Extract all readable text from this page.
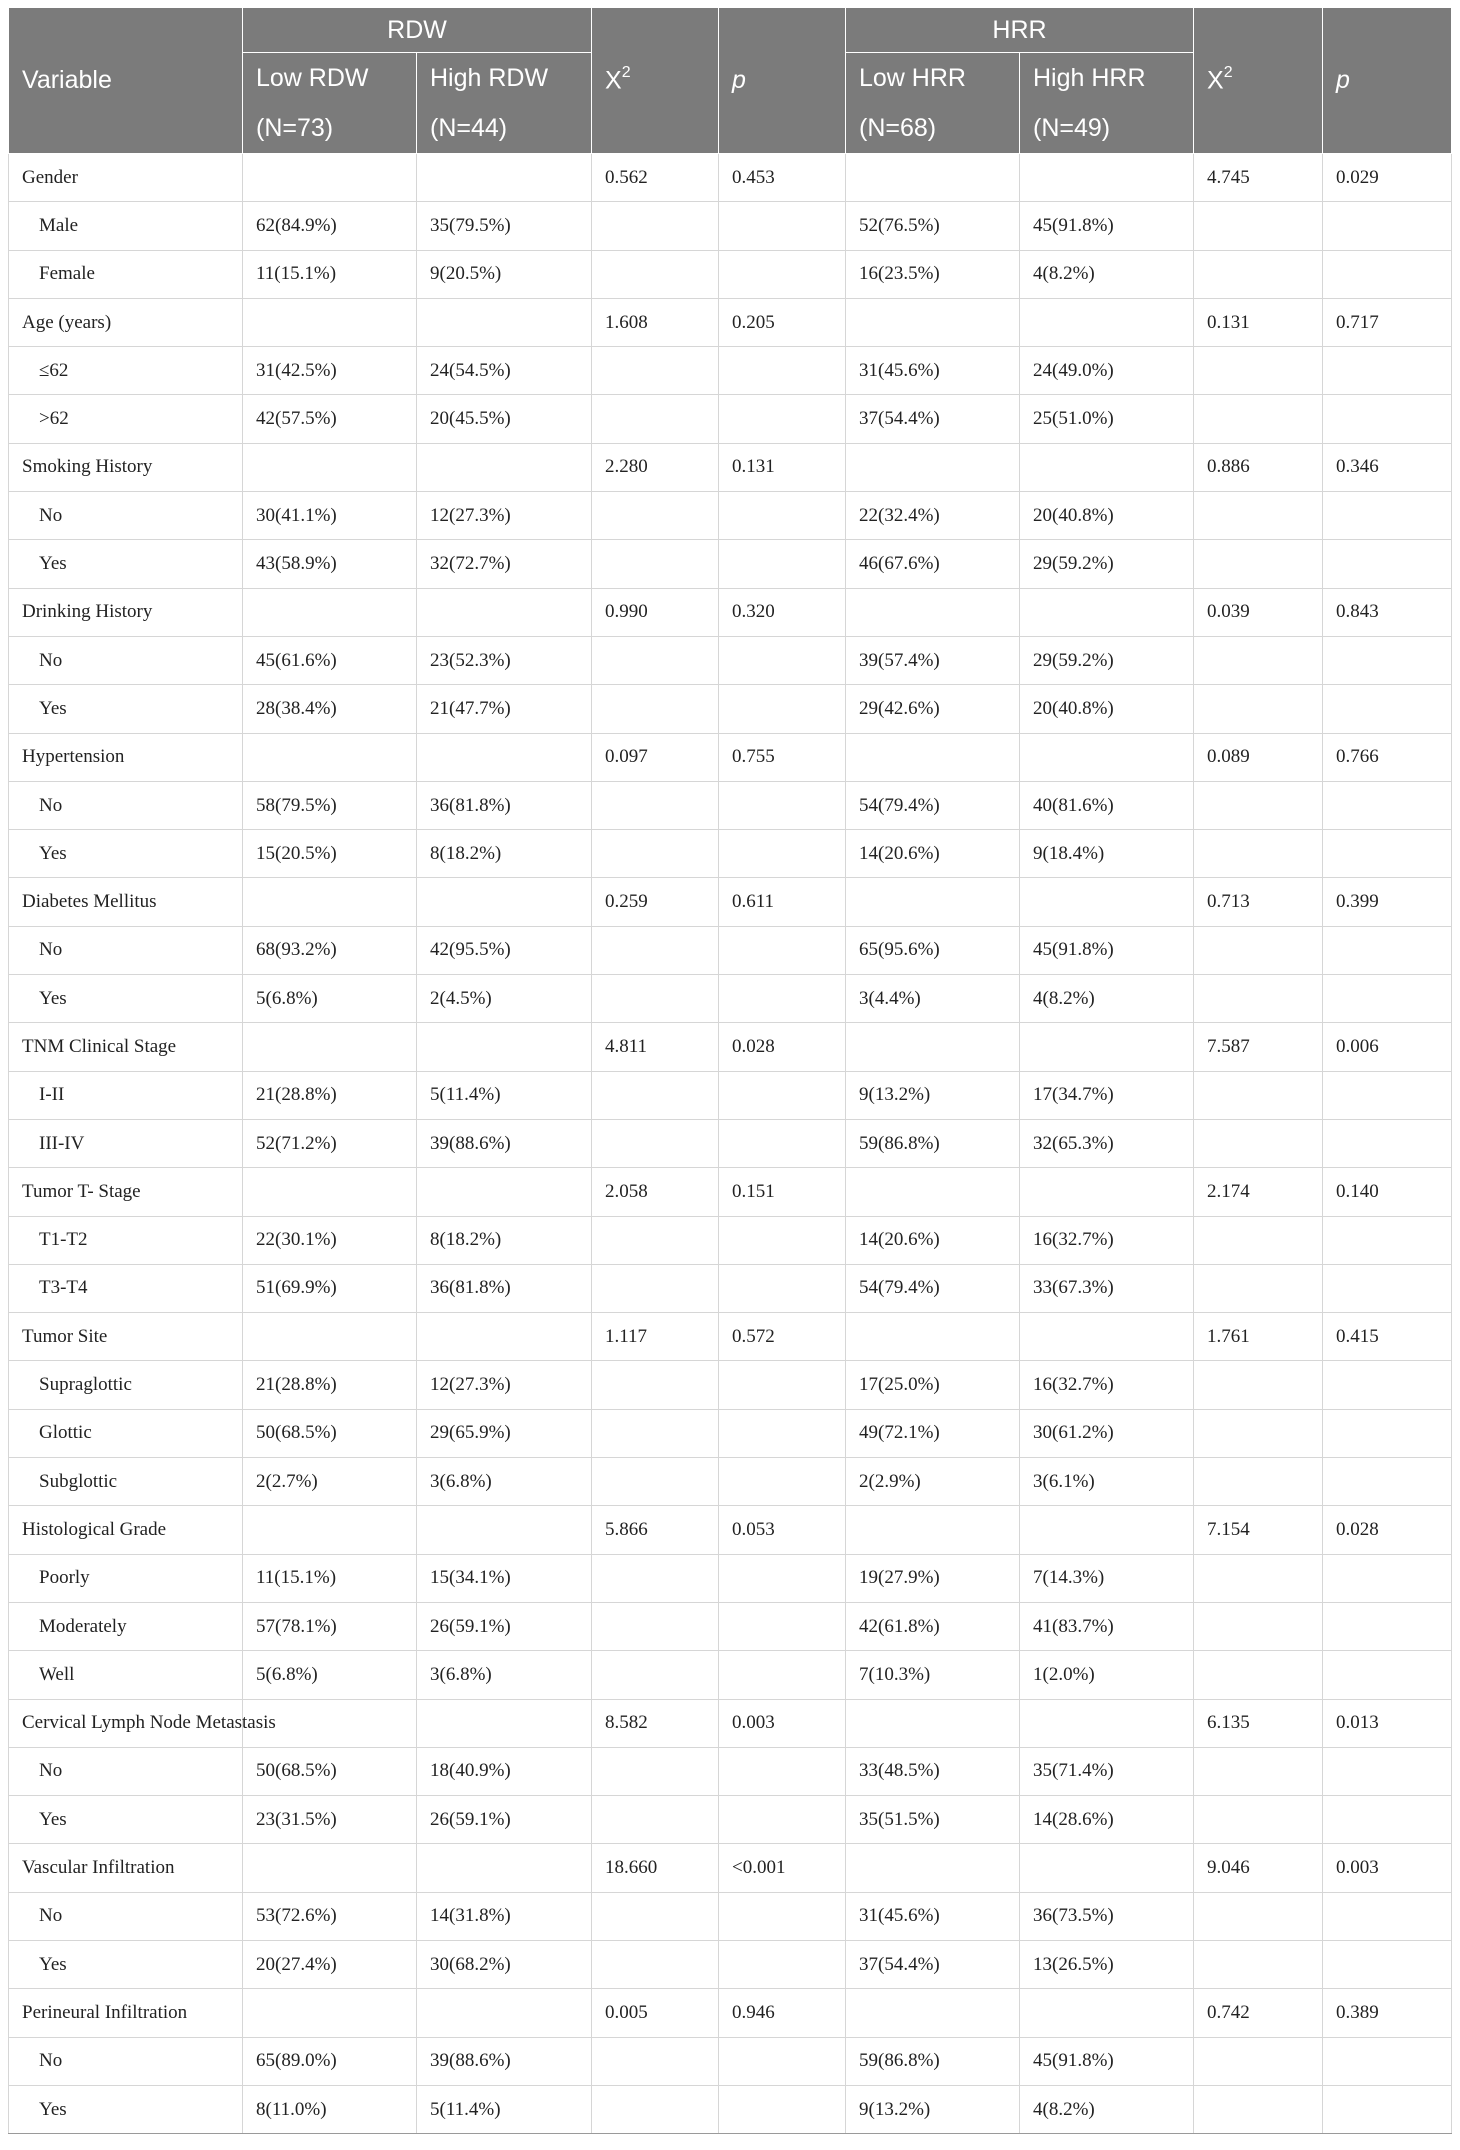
Variable	RDW		$X^2$	p	HRR		$X^2$	p
	Low RDW	High RDW			Low HRR	High HRR		
	(N=73)	(N=44)			(N=68)	(N=49)		
Gender			0.562	0.453			4.745	0.029
Male	62(84.9%)	35(79.5%)			52(76.5%)	45(91.8%)		
Female	11(15.1%)	9(20.5%)			16(23.5%)	4(8.2%)		
Age (years)			1.608	0.205			0.131	0.717
≤62	31(42.5%)	24(54.5%)			31(45.6%)	24(49.0%)		
>62	42(57.5%)	20(45.5%)			37(54.4%)	25(51.0%)		
Smoking History			2.280	0.131			0.886	0.346
No	30(41.1%)	12(27.3%)			22(32.4%)	20(40.8%)		
Yes	43(58.9%)	32(72.7%)			46(67.6%)	29(59.2%)		
Drinking History			0.990	0.320			0.039	0.843
No	45(61.6%)	23(52.3%)			39(57.4%)	29(59.2%)		
Yes	28(38.4%)	21(47.7%)			29(42.6%)	20(40.8%)		
Hypertension			0.097	0.755			0.089	0.766
No	58(79.5%)	36(81.8%)			54(79.4%)	40(81.6%)		
Yes	15(20.5%)	8(18.2%)			14(20.6%)	9(18.4%)		
Diabetes Mellitus			0.259	0.611			0.713	0.399
No	68(93.2%)	42(95.5%)			65(95.6%)	45(91.8%)		
Yes	5(6.8%)	2(4.5%)			3(4.4%)	4(8.2%)		
TNM Clinical Stage			4.811	0.028			7.587	0.006
I-II	21(28.8%)	5(11.4%)			9(13.2%)	17(34.7%)		
III-IV	52(71.2%)	39(88.6%)			59(86.8%)	32(65.3%)		
Tumor T- Stage			2.058	0.151			2.174	0.140
T1-T2	22(30.1%)	8(18.2%)			14(20.6%)	16(32.7%)		
T3-T4	51(69.9%)	36(81.8%)			54(79.4%)	33(67.3%)		
Tumor Site			1.117	0.572			1.761	0.415
Supraglottic	21(28.8%)	12(27.3%)			17(25.0%)	16(32.7%)		
Glottic	50(68.5%)	29(65.9%)			49(72.1%)	30(61.2%)		
Subglottic	2(2.7%)	3(6.8%)			2(2.9%)	3(6.1%)		
Histological Grade			5.866	0.053			7.154	0.028
Poorly	11(15.1%)	15(34.1%)			19(27.9%)	7(14.3%)		
Moderately	57(78.1%)	26(59.1%)			42(61.8%)	41(83.7%)		
Well	5(6.8%)	3(6.8%)			7(10.3%)	1(2.0%)		
Cervical Lymph Node Metastasis			8.582	0.003			6.135	0.013
No	50(68.5%)	18(40.9%)			33(48.5%)	35(71.4%)		
Yes	23(31.5%)	26(59.1%)			35(51.5%)	14(28.6%)		
Vascular Infiltration			18.660	<0.001			9.046	0.003
No	53(72.6%)	14(31.8%)			31(45.6%)	36(73.5%)		
Yes	20(27.4%)	30(68.2%)			37(54.4%)	13(26.5%)		
Perineural Infiltration			0.005	0.946			0.742	0.389
No	65(89.0%)	39(88.6%)			59(86.8%)	45(91.8%)		
Yes	8(11.0%)	5(11.4%)			9(13.2%)	4(8.2%)		
